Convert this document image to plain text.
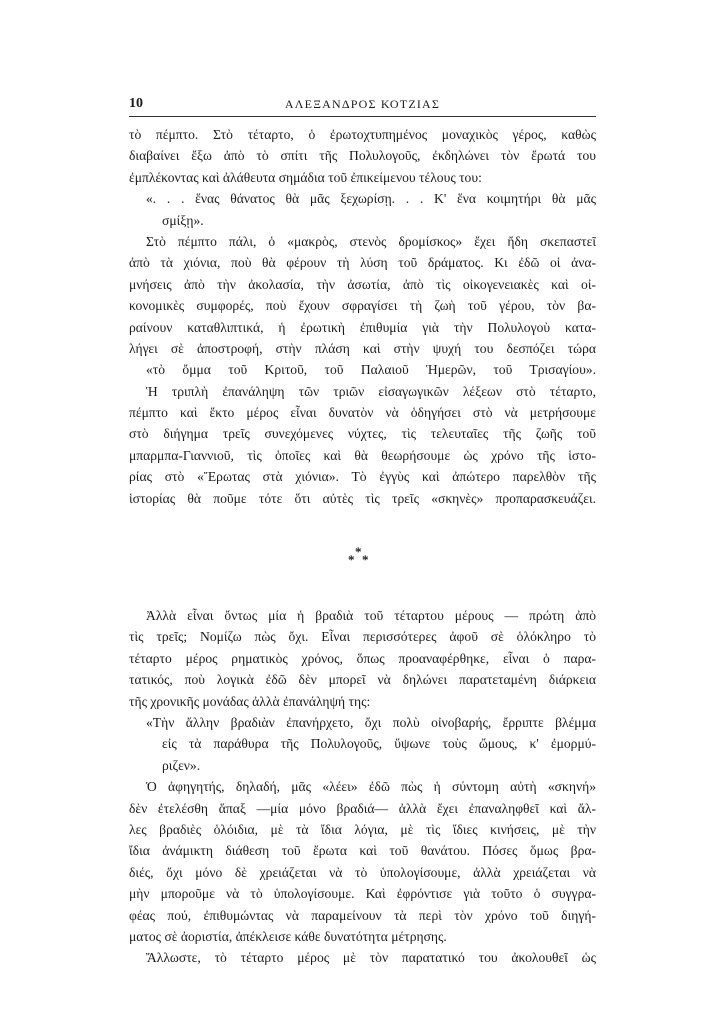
10	ΑΛΕΞΑΝΔΡΟΣ ΚΟΤΖΙΑΣ
τὸ πέμπτο. Στὸ τέταρτο, ὁ ἐρωτοχτυπημένος μοναχικὸς γέρος, καθὼς
διαβαίνει ἔξω ἀπὸ τὸ σπίτι τῆς Πολυλογοῦς, ἐκδηλώνει τὸν ἔρωτά του
ἐμπλέκοντας καὶ ἀλάθευτα σημάδια τοῦ ἐπικείμενου τέλους του:
«. . . ἕνας θάνατος θὰ μᾶς ξεχωρίσῃ. . . Κ' ἕνα κοιμητήρι θὰ μᾶς
σμίξῃ».
Στὸ πέμπτο πάλι, ὁ «μακρὸς, στενὸς δρομίσκος» ἔχει ἤδη σκεπαστεῖ
ἀπὸ τὰ χιόνια, ποὺ θὰ φέρουν τὴ λύση τοῦ δράματος. Κι ἐδῶ οἱ ἀνα-
μνήσεις ἀπὸ τὴν ἀκολασία, τὴν ἀσωτία, ἀπὸ τὶς οἰκογενειακὲς καὶ οἰ-
κονομικὲς συμφορές, ποὺ ἔχουν σφραγίσει τὴ ζωὴ τοῦ γέρου, τὸν βα-
ραίνουν καταθλιπτικά, ἡ ἐρωτικὴ ἐπιθυμία γιὰ τὴν Πολυλογοὺ κατα-
λήγει σὲ ἀποστροφή, στὴν πλάση καὶ στὴν ψυχή του δεσπόζει τώρα
«τὸ ὄμμα τοῦ Κριτοῦ, τοῦ Παλαιοῦ Ἡμερῶν, τοῦ Τρισαγίου».
Ἡ τριπλὴ ἐπανάληψη τῶν τριῶν εἰσαγωγικῶν λέξεων στὸ τέταρτο,
πέμπτο καὶ ἕκτο μέρος εἶναι δυνατὸν νὰ ὁδηγήσει στὸ νὰ μετρήσουμε
στὸ διήγημα τρεῖς συνεχόμενες νύχτες, τὶς τελευταῖες τῆς ζωῆς τοῦ
μπαρμπα-Γιαννιοῦ, τὶς ὁποῖες καὶ θὰ θεωρήσουμε ὡς χρόνο τῆς ἱστο-
ρίας στὸ «Ἔρωτας στὰ χιόνια». Τὸ ἐγγὺς καὶ ἀπώτερο παρελθὸν τῆς
ἱστορίας θὰ ποῦμε τότε ὅτι αὐτὲς τὶς τρεῖς «σκηνὲς» προπαρασκευάζει.
*
* *
Ἀλλὰ εἶναι ὄντως μία ἡ βραδιὰ τοῦ τέταρτου μέρους — πρώτη ἀπὸ
τὶς τρεῖς; Νομίζω πὼς ὄχι. Εἶναι περισσότερες ἀφοῦ σὲ ὁλόκληρο τὸ
τέταρτο μέρος ρηματικὸς χρόνος, ὅπως προαναφέρθηκε, εἶναι ὁ παρα-
τατικός, ποὺ λογικὰ ἐδῶ δὲν μπορεῖ νὰ δηλώνει παρατεταμένη διάρκεια
τῆς χρονικῆς μονάδας ἀλλὰ ἐπανάληψή της:
«Τὴν ἄλλην βραδιὰν ἐπανήρχετο, ὄχι πολὺ οἰνοβαρής, ἔρριπτε βλέμμα
εἰς τὰ παράθυρα τῆς Πολυλογοῦς, ὕψωνε τοὺς ὤμους, κ' ἐμορμύ-
ριζεν».
Ὁ ἀφηγητής, δηλαδή, μᾶς «λέει» ἐδῶ πὼς ἡ σύντομη αὐτὴ «σκηνή»
δὲν ἐτελέσθη ἅπαξ —μία μόνο βραδιά— ἀλλὰ ἔχει ἐπαναληφθεῖ καὶ ἄλ-
λες βραδιὲς ὁλόιδια, μὲ τὰ ἴδια λόγια, μὲ τὶς ἴδιες κινήσεις, μὲ τὴν
ἴδια ἀνάμικτη διάθεση τοῦ ἔρωτα καὶ τοῦ θανάτου. Πόσες ὅμως βρα-
διές, ὄχι μόνο δὲ χρειάζεται νὰ τὸ ὑπολογίσουμε, ἀλλὰ χρειάζεται νὰ
μὴν μποροῦμε νὰ τὸ ὑπολογίσουμε. Καὶ ἐφρόντισε γιὰ τοῦτο ὁ συγγρα-
φέας πού, ἐπιθυμώντας νὰ παραμείνουν τὰ περὶ τὸν χρόνο τοῦ διηγή-
ματος σὲ ἀοριστία, ἀπέκλεισε κάθε δυνατότητα μέτρησης.
Ἄλλωστε, τὸ τέταρτο μέρος μὲ τὸν παρατατικό του ἀκολουθεῖ ὡς
